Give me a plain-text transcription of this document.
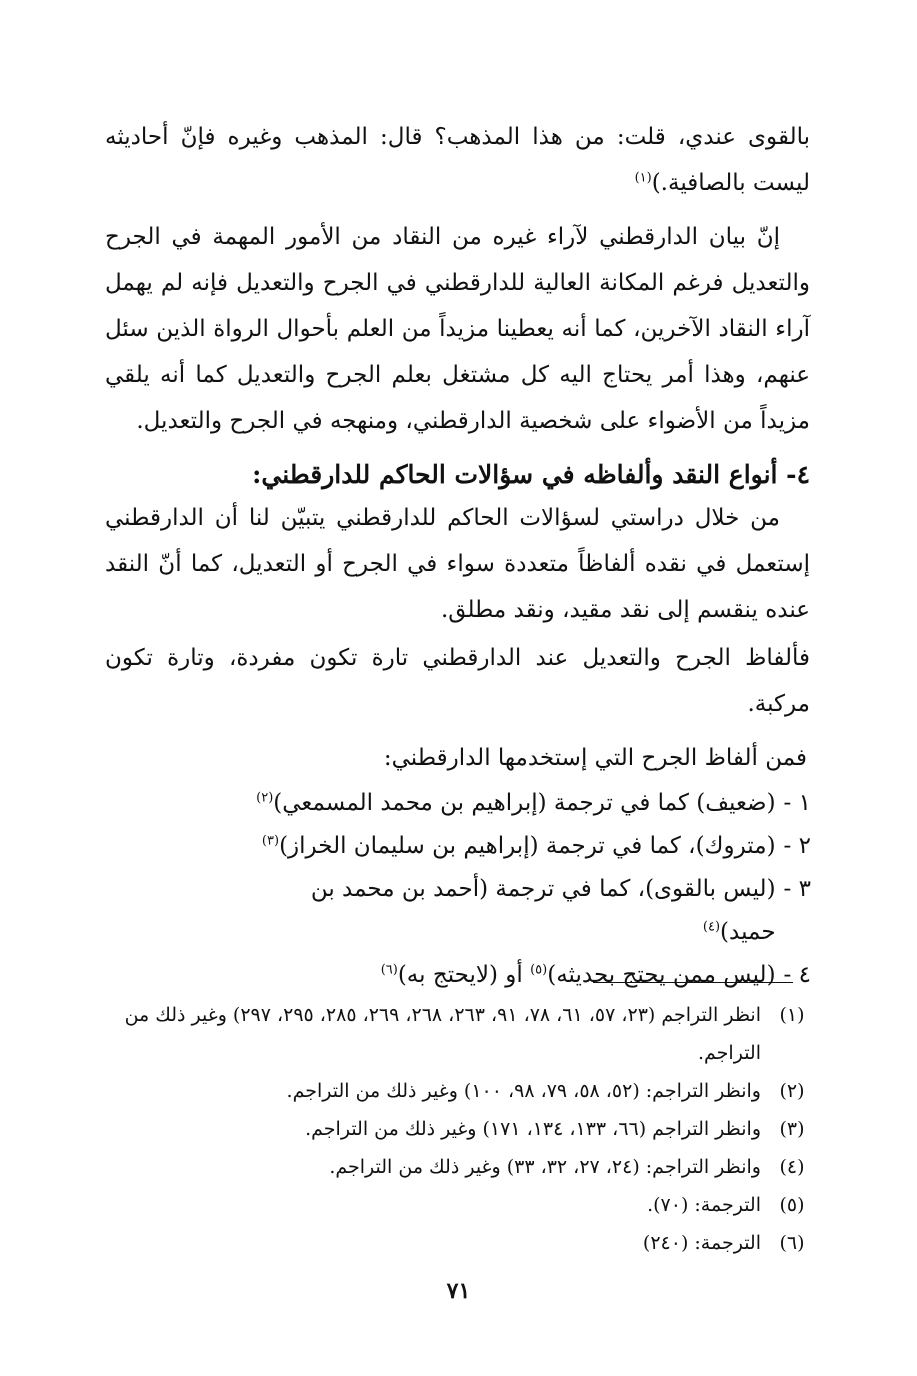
بالقوى عندي، قلت: من هذا المذهب؟ قال: المذهب وغيره فإنّ أحاديثه ليست بالصافية.)$^{(١)}$
إنّ بيان الدارقطني لآراء غيره من النقاد من الأمور المهمة في الجرح والتعديل فرغم المكانة العالية للدارقطني في الجرح والتعديل فإنه لم يهمل آراء النقاد الآخرين، كما أنه يعطينا مزيداً من العلم بأحوال الرواة الذين سئل عنهم، وهذا أمر يحتاج اليه كل مشتغل بعلم الجرح والتعديل كما أنه يلقي مزيداً من الأضواء على شخصية الدارقطني، ومنهجه في الجرح والتعديل.
٤- أنواع النقد وألفاظه في سؤالات الحاكم للدارقطني:
من خلال دراستي لسؤالات الحاكم للدارقطني يتبيّن لنا أن الدارقطني إستعمل في نقده ألفاظاً متعددة سواء في الجرح أو التعديل، كما أنّ النقد عنده ينقسم إلى نقد مقيد، ونقد مطلق.
فألفاظ الجرح والتعديل عند الدارقطني تارة تكون مفردة، وتارة تكون مركبة.
فمن ألفاظ الجرح التي إستخدمها الدارقطني:
١ -
(ضعيف) كما في ترجمة (إبراهيم بن محمد المسمعي)$^{(٢)}$
٢ -
(متروك)، كما في ترجمة (إبراهيم بن سليمان الخراز)$^{(٣)}$
٣ -
(ليس بالقوى)، كما في ترجمة (أحمد بن محمد بن حميد)$^{(٤)}$
٤ -
(ليس ممن يحتج بحديثه)$^{(٥)}$ أو (لايحتج به)$^{(٦)}$
(١)
انظر التراجم (٢٣، ٥٧، ٦١، ٧٨، ٩١، ٢٦٣، ٢٦٨، ٢٦٩، ٢٨٥، ٢٩٥، ٢٩٧) وغير ذلك من التراجم.
(٢)
وانظر التراجم: (٥٢، ٥٨، ٧٩، ٩٨، ١٠٠) وغير ذلك من التراجم.
(٣)
وانظر التراجم (٦٦، ١٣٣، ١٣٤، ١٧١) وغير ذلك من التراجم.
(٤)
وانظر التراجم: (٢٤، ٢٧، ٣٢، ٣٣) وغير ذلك من التراجم.
(٥)
الترجمة: (٧٠).
(٦)
الترجمة: (٢٤٠)
٧١
